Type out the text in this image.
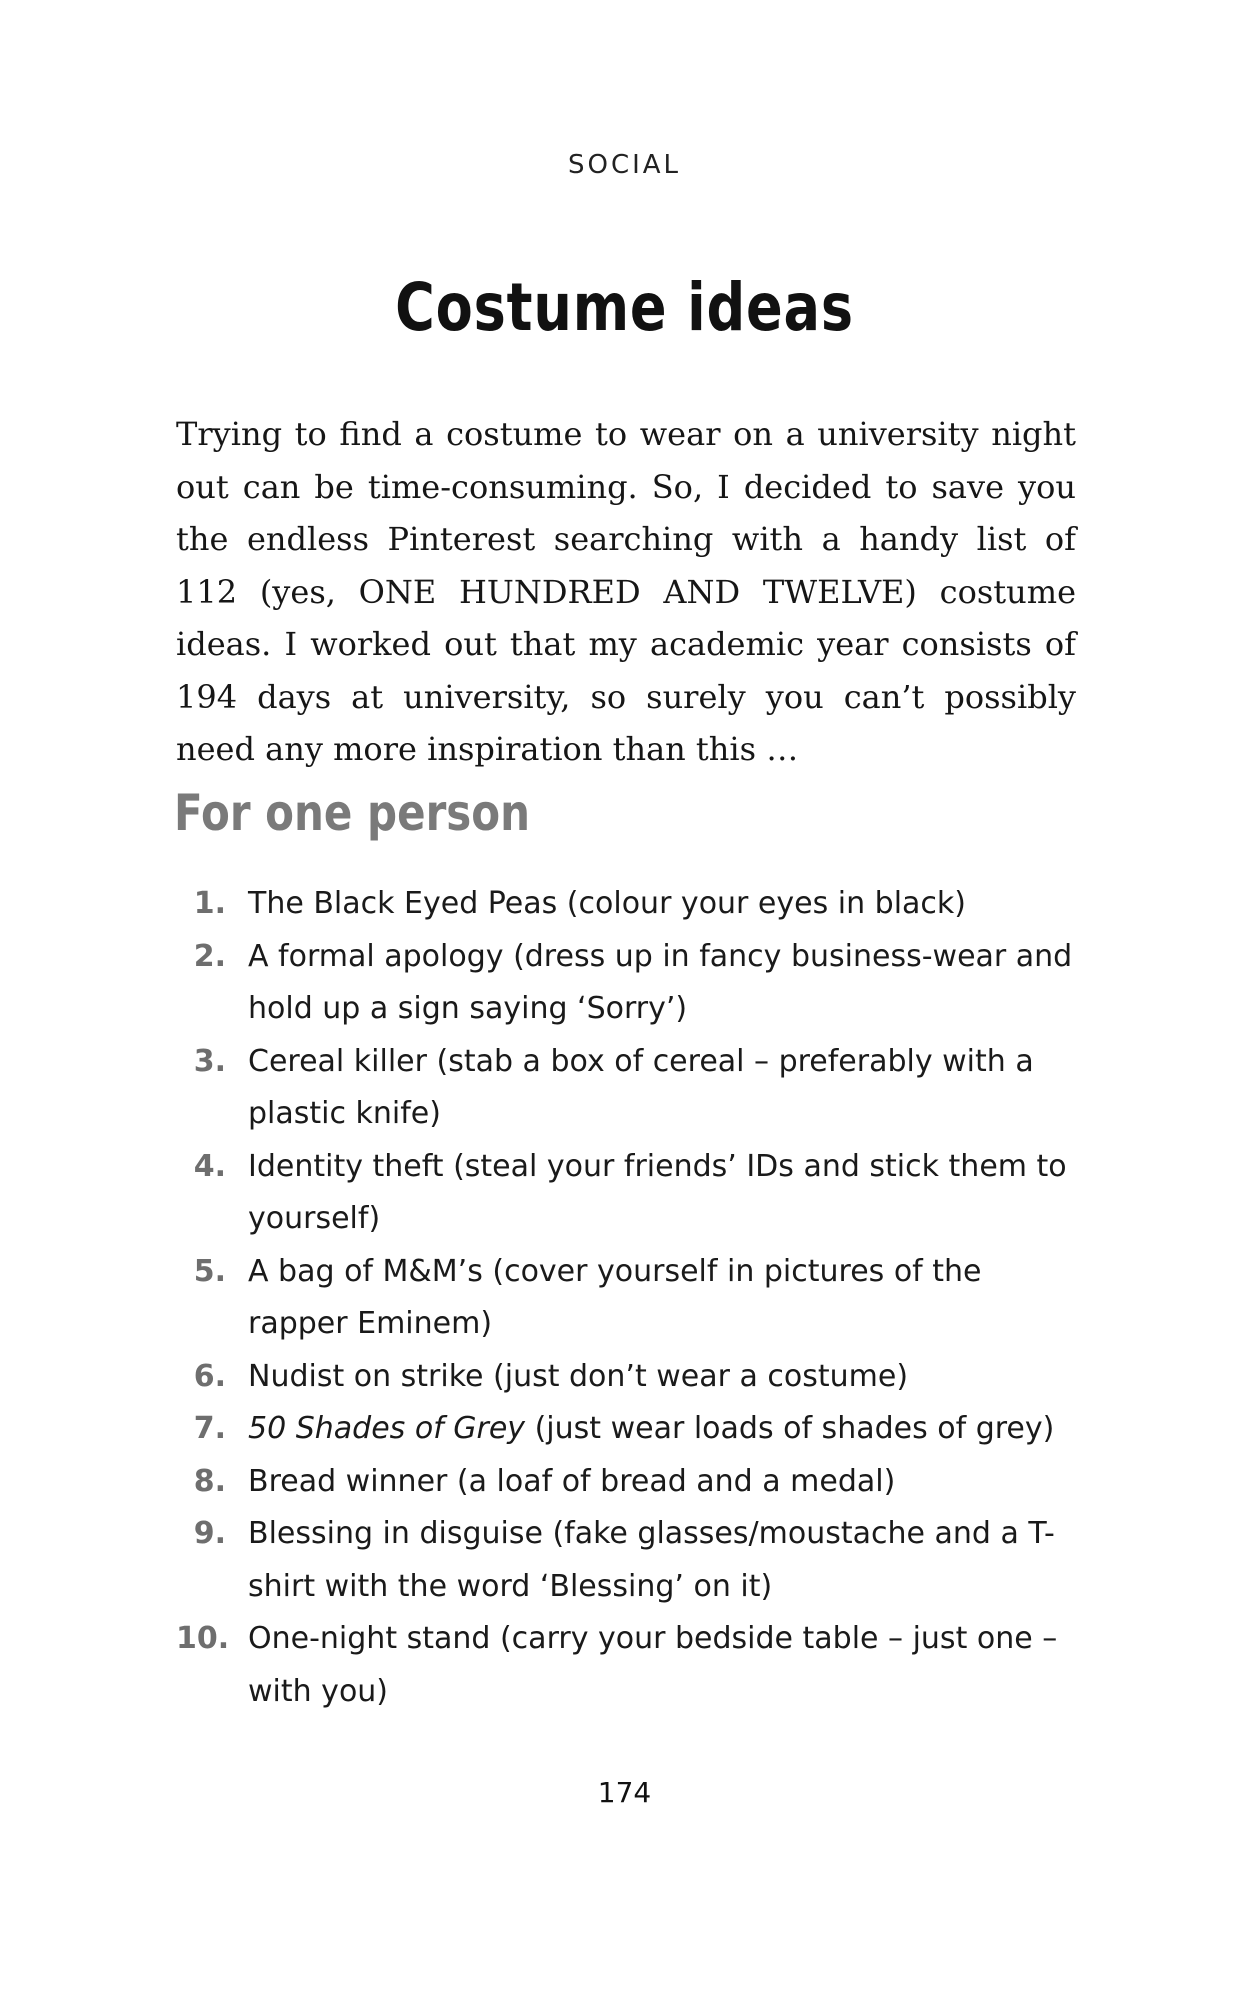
SOCIAL
Costume ideas

Trying to find a costume to wear on a university night out can be time-consuming. So, I decided to save you the endless Pinterest searching with a handy list of 112 (yes, ONE HUNDRED AND TWELVE) costume ideas. I worked out that my academic year consists of 194 days at university, so surely you can’t possibly need any more inspiration than this …

For one person
1. The Black Eyed Peas (colour your eyes in black)
2. A formal apology (dress up in fancy business-wear and hold up a sign saying ‘Sorry’)
3. Cereal killer (stab a box of cereal – preferably with a plastic knife)
4. Identity theft (steal your friends’ IDs and stick them to yourself)
5. A bag of M&M’s (cover yourself in pictures of the rapper Eminem)
6. Nudist on strike (just don’t wear a costume)
7. 50 Shades of Grey (just wear loads of shades of grey)
8. Bread winner (a loaf of bread and a medal)
9. Blessing in disguise (fake glasses/moustache and a T-shirt with the word ‘Blessing’ on it)
10. One-night stand (carry your bedside table – just one – with you)
174
